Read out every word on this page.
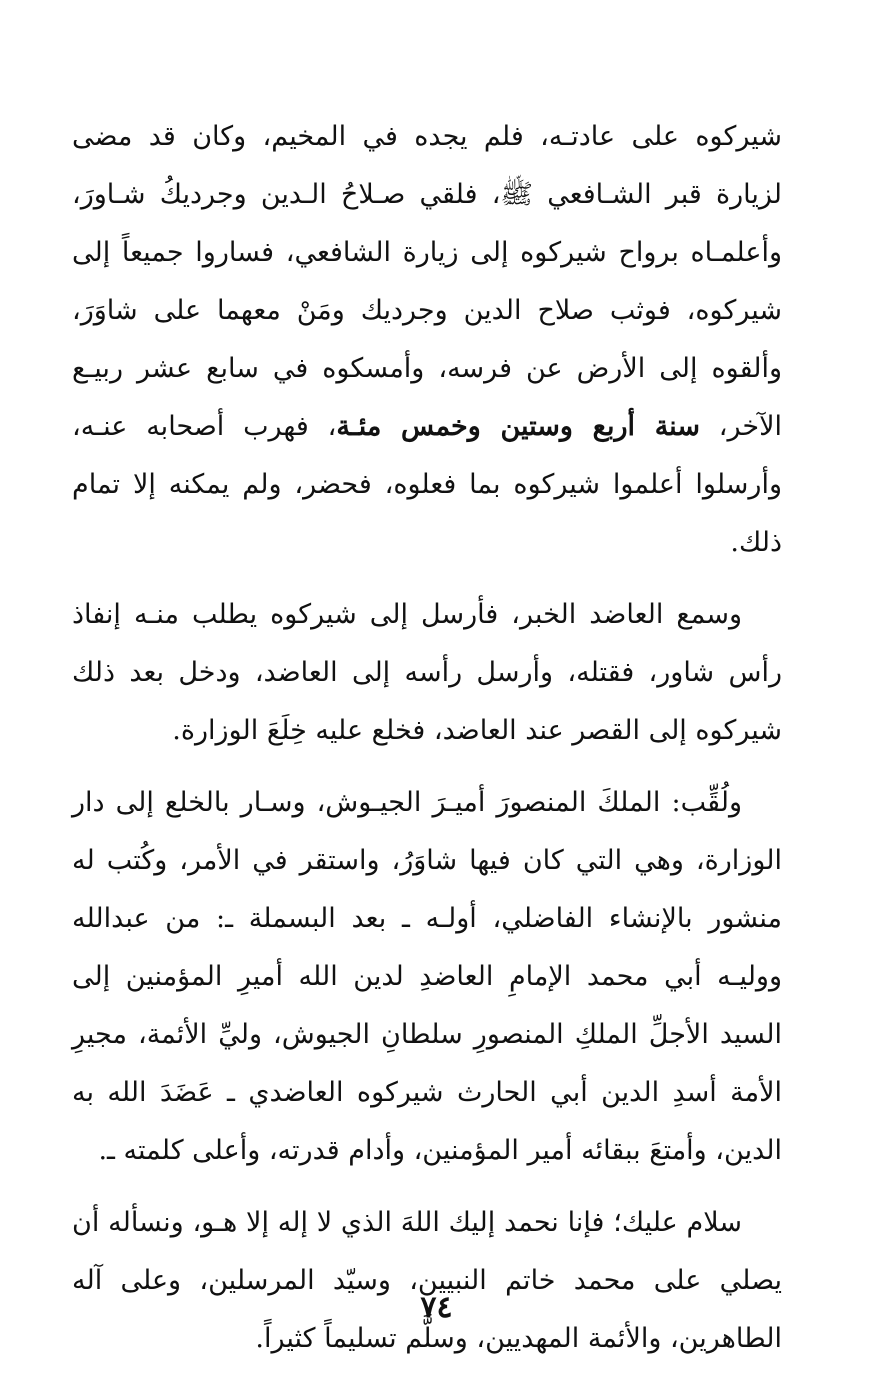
شيركوه على عادتـه، فلم يجده في المخيم، وكان قد مضى لزيارة قبر الشـافعي ﷺ، فلقي صـلاحُ الـدين وجرديكُ شـاورَ، وأعلمـاه برواح شيركوه إلى زيارة الشافعي، فساروا جميعاً إلى شيركوه، فوثب صلاح الدين وجرديك ومَنْ معهما على شاوَرَ، وألقوه إلى الأرض عن فرسه، وأمسكوه في سابع عشر ربيـع الآخر، سنة أربع وستين وخمس مئـة، فهرب أصحابه عنـه، وأرسلوا أعلموا شيركوه بما فعلوه، فحضر، ولم يمكنه إلا تمام ذلك.

وسمع العاضد الخبر، فأرسل إلى شيركوه يطلب منـه إنفاذ رأس شاور، فقتله، وأرسل رأسه إلى العاضد، ودخل بعد ذلك شيركوه إلى القصر عند العاضد، فخلع عليه خِلَعَ الوزارة.

ولُقِّب: الملكَ المنصورَ أميـرَ الجيـوش، وسـار بالخلع إلى دار الوزارة، وهي التي كان فيها شاوَرُ، واستقر في الأمر، وكُتب له منشور بالإنشاء الفاضلي، أولـه ـ بعد البسملة ـ: من عبدالله ووليـه أبي محمد الإمامِ العاضدِ لدين الله أميرِ المؤمنين إلى السيد الأجلِّ الملكِ المنصورِ سلطانِ الجيوش، وليِّ الأئمة، مجيرِ الأمة أسدِ الدين أبي الحارث شيركوه العاضدي ـ عَضَدَ الله به الدين، وأمتعَ ببقائه أمير المؤمنين، وأدام قدرته، وأعلى كلمته ـ.

سلام عليك؛ فإنا نحمد إليك اللهَ الذي لا إله إلا هـو، ونسأله أن يصلي على محمد خاتم النبيين، وسيّد المرسلين، وعلى آله الطاهرين، والأئمة المهديين، وسلَّم تسليماً كثيراً.

٧٤
